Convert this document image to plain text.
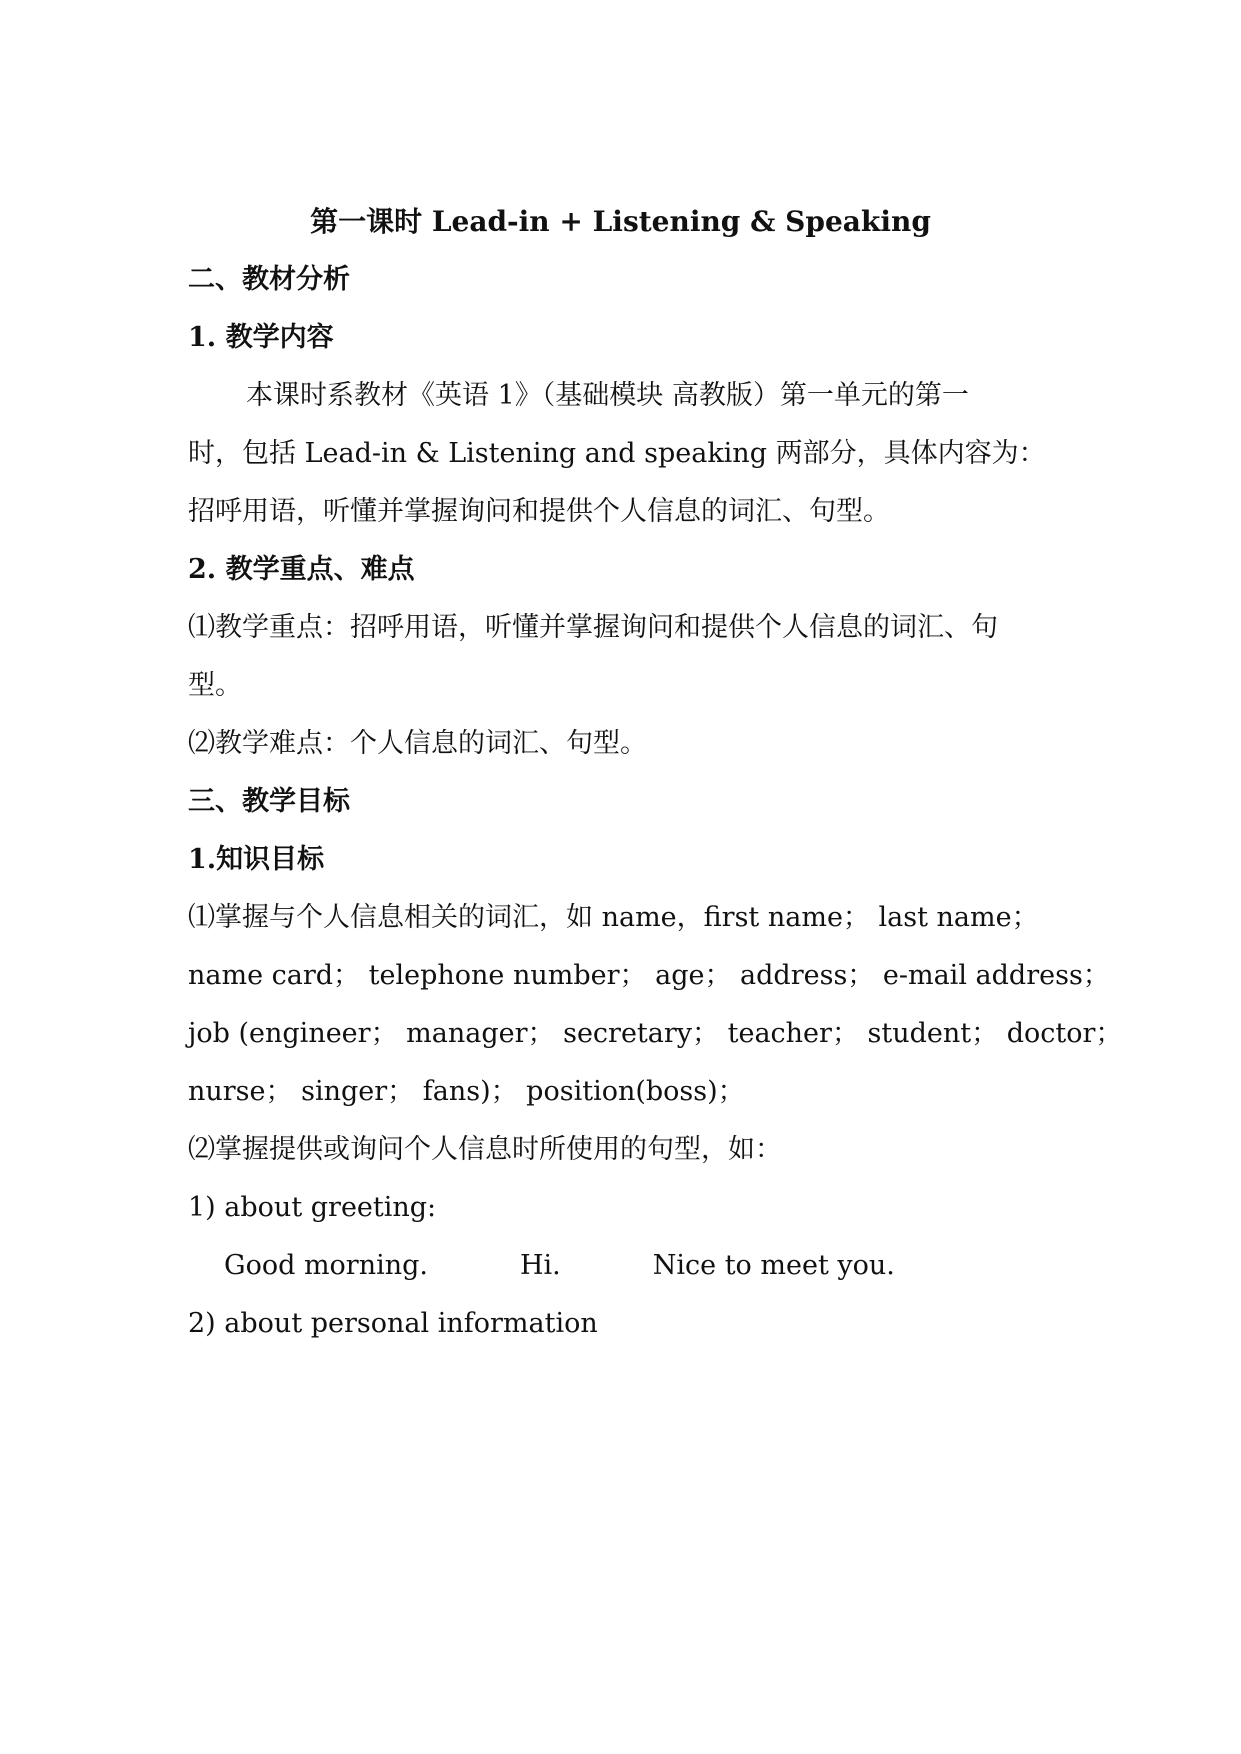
第一课时 Lead-in + Listening & Speaking
二、教材分析
1. 教学内容
本课时系教材《英语 1》（基础模块 高教版）第一单元的第一
时，包括 Lead-in & Listening and speaking 两部分，具体内容为：
招呼用语，听懂并掌握询问和提供个人信息的词汇、句型。
2. 教学重点、难点
⑴教学重点：招呼用语，听懂并掌握询问和提供个人信息的词汇、句
型。
⑵教学难点：个人信息的词汇、句型。
三、教学目标
1.知识目标
⑴掌握与个人信息相关的词汇，如 name，first name； last name；
name card； telephone number； age； address； e-mail address；
job (engineer； manager； secretary； teacher； student； doctor；
nurse； singer； fans)； position(boss)；
⑵掌握提供或询问个人信息时所使用的句型，如：
1) about greeting:
Good morning.	Hi.	Nice to meet you.
2) about personal information
